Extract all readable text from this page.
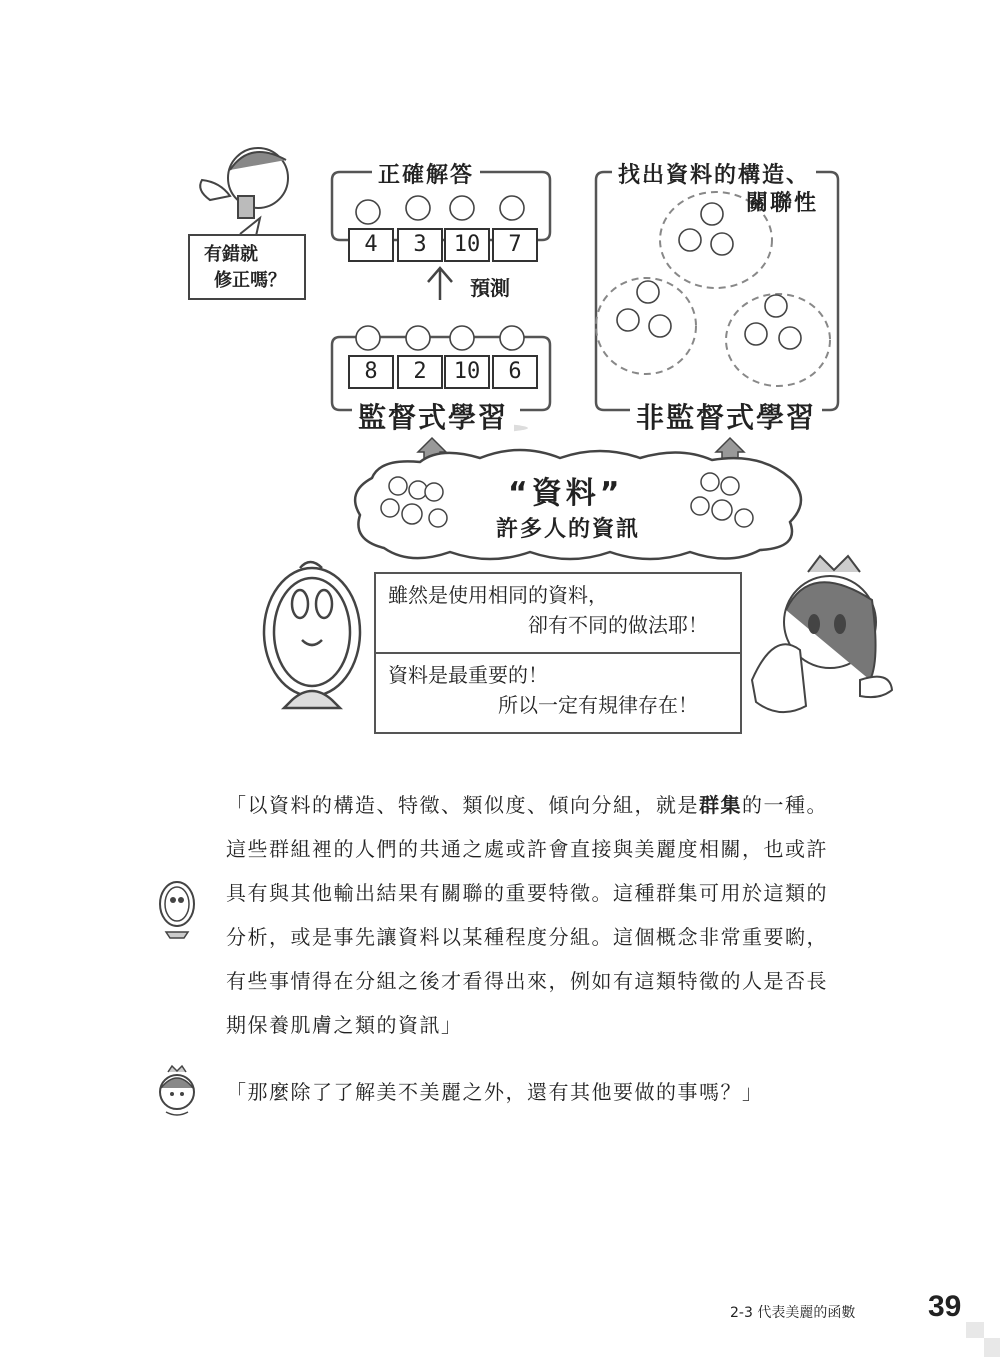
正確解答
4	3	10	7
預測
8	2	10	6
監督式學習
找出資料的構造、
關聯性
非監督式學習
“資料”
許多人的資訊
有錯就
修正嗎？
雖然是使用相同的資料，
卻有不同的做法耶！
資料是最重要的！
所以一定有規律存在！

「以資料的構造、特徵、類似度、傾向分組，就是群集的一種。

這些群組裡的人們的共通之處或許會直接與美麗度相關，也或許

具有與其他輸出結果有關聯的重要特徵。這種群集可用於這類的

分析，或是事先讓資料以某種程度分組。這個概念非常重要喲，

有些事情得在分組之後才看得出來，例如有這類特徵的人是否長

期保養肌膚之類的資訊」

「那麼除了了解美不美麗之外，還有其他要做的事嗎？」

2-3 代表美麗的函數 39
